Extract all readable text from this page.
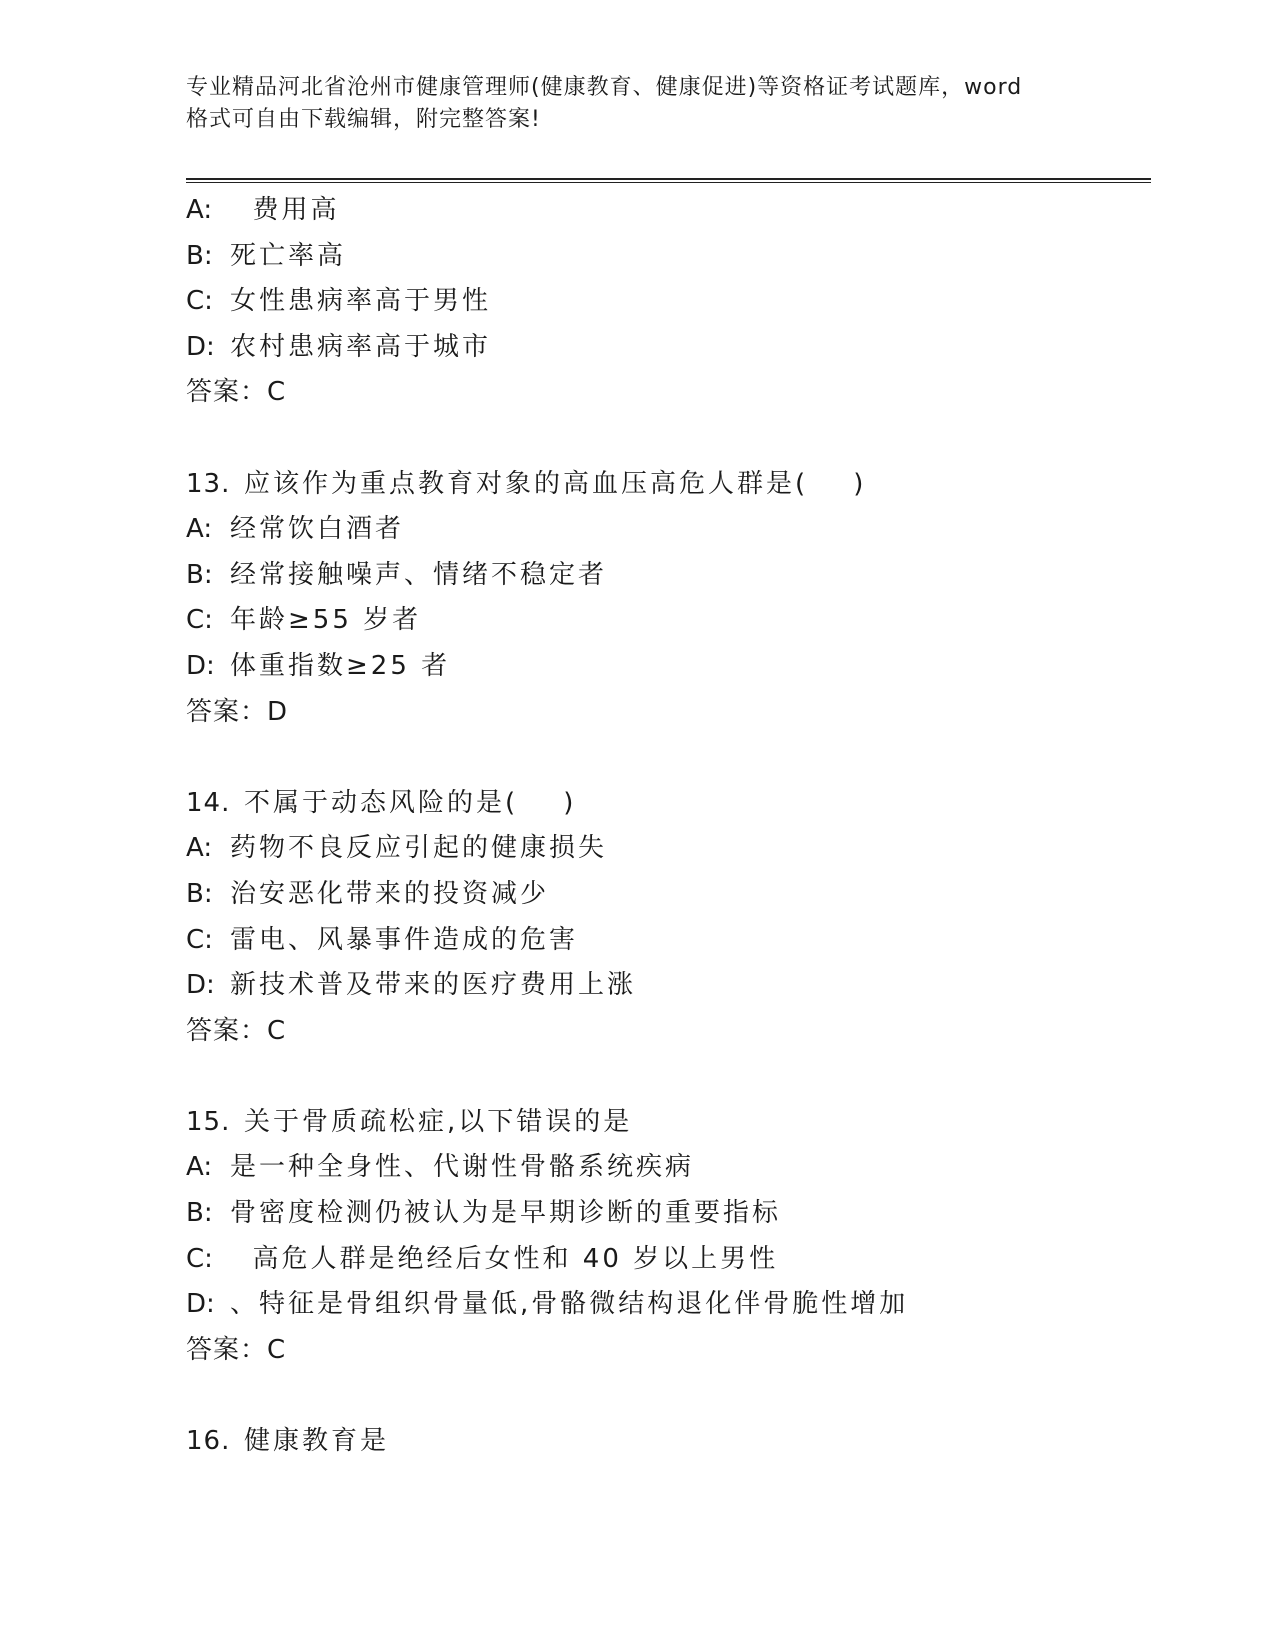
专业精品河北省沧州市健康管理师(健康教育、健康促进)等资格证考试题库，word
格式可自由下载编辑，附完整答案!
A:  费用高
B: 死亡率高
C: 女性患病率高于男性
D: 农村患病率高于城市
答案：C
13. 应该作为重点教育对象的高血压高危人群是(    )
A: 经常饮白酒者
B: 经常接触噪声、情绪不稳定者
C: 年龄≥55 岁者
D: 体重指数≥25 者
答案：D
14. 不属于动态风险的是(    )
A: 药物不良反应引起的健康损失
B: 治安恶化带来的投资减少
C: 雷电、风暴事件造成的危害
D: 新技术普及带来的医疗费用上涨
答案：C
15. 关于骨质疏松症,以下错误的是
A: 是一种全身性、代谢性骨骼系统疾病
B: 骨密度检测仍被认为是早期诊断的重要指标
C:  高危人群是绝经后女性和 40 岁以上男性
D: 、特征是骨组织骨量低,骨骼微结构退化伴骨脆性增加
答案：C
16. 健康教育是
